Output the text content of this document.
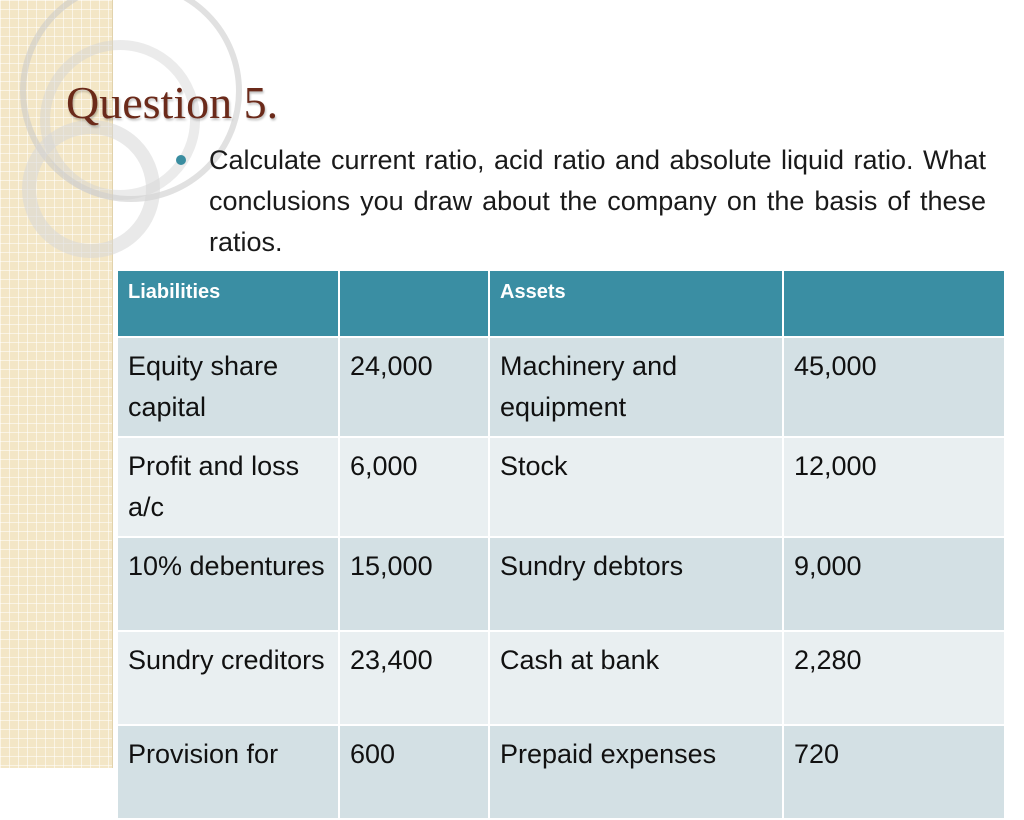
Question 5.

Calculate current ratio, acid ratio and absolute liquid ratio. What conclusions you draw about the company on the basis of these ratios.

Liabilities		Assets	
Equity share capital	24,000	Machinery and equipment	45,000
Profit and loss a/c	6,000	Stock	12,000
10% debentures	15,000	Sundry debtors	9,000
Sundry creditors	23,400	Cash at bank	2,280
Provision for	600	Prepaid expenses	720
